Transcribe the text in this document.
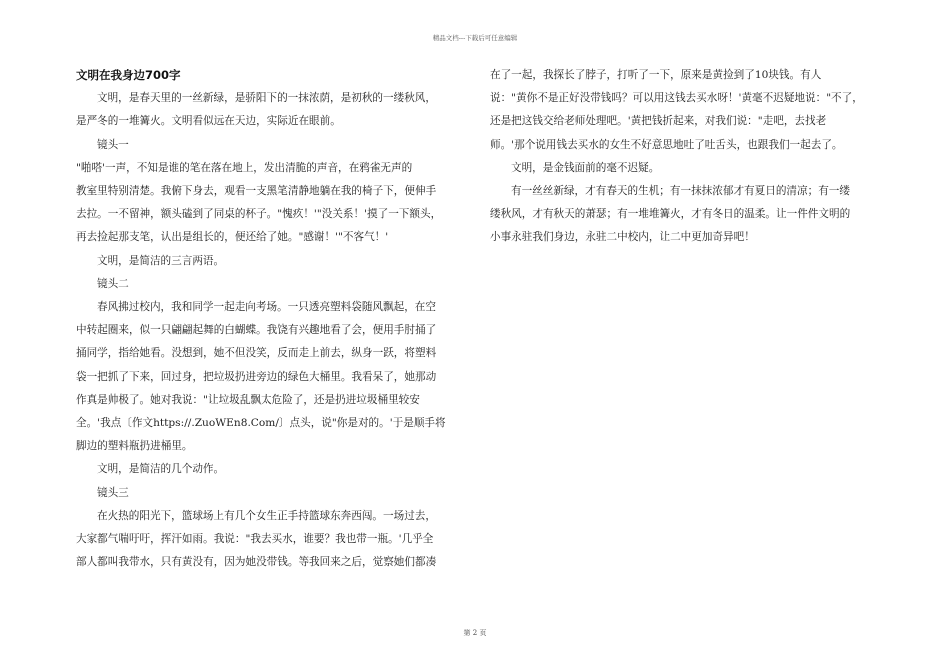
精品文档---下载后可任意编辑
文明在我身边700字
文明，是春天里的一丝新绿，是骄阳下的一抹浓荫，是初秋的一缕秋风，
是严冬的一堆篝火。文明看似远在天边，实际近在眼前。
镜头一
"啪嗒'一声，不知是谁的笔在落在地上，发出清脆的声音，在鸦雀无声的
教室里特别清楚。我俯下身去，观看一支黑笔清静地躺在我的椅子下，便伸手
去拉。一不留神，额头磕到了同桌的杯子。"愧疚！'"没关系！'摸了一下额头，
再去捡起那支笔，认出是组长的，便还给了她。"感谢！'"不客气！'
文明，是简洁的三言两语。
镜头二
春风拂过校内，我和同学一起走向考场。一只透亮塑料袋随风飘起，在空
中转起圈来，似一只翩翩起舞的白蝴蝶。我饶有兴趣地看了会，便用手肘捅了
捅同学，指给她看。没想到，她不但没笑，反而走上前去，纵身一跃，将塑料
袋一把抓了下来，回过身，把垃圾扔进旁边的绿色大桶里。我看呆了，她那动
作真是帅极了。她对我说："让垃圾乱飘太危险了，还是扔进垃圾桶里较安
全。'我点〔作文https://.ZuoWEn8.Com/〕点头，说"你是对的。'于是顺手将
脚边的塑料瓶扔进桶里。
文明，是简洁的几个动作。
镜头三
在火热的阳光下，篮球场上有几个女生正手持篮球东奔西闯。一场过去，
大家都气喘吁吁，挥汗如雨。我说："我去买水，谁要？我也带一瓶。'几乎全
部人都叫我带水，只有黄没有，因为她没带钱。等我回来之后，觉察她们都凑
在了一起，我探长了脖子，打听了一下，原来是黄捡到了10块钱。有人
说："黄你不是正好没带钱吗？可以用这钱去买水呀！'黄毫不迟疑地说："不了，
还是把这钱交给老师处理吧。'黄把钱折起来，对我们说："走吧，去找老
师。'那个说用钱去买水的女生不好意思地吐了吐舌头，也跟我们一起去了。
文明，是金钱面前的毫不迟疑。
有一丝丝新绿，才有春天的生机；有一抹抹浓郁才有夏日的清凉；有一缕
缕秋风，才有秋天的萧瑟；有一堆堆篝火，才有冬日的温柔。让一件件文明的
小事永驻我们身边，永驻二中校内，让二中更加奇异吧！
第 2 页
